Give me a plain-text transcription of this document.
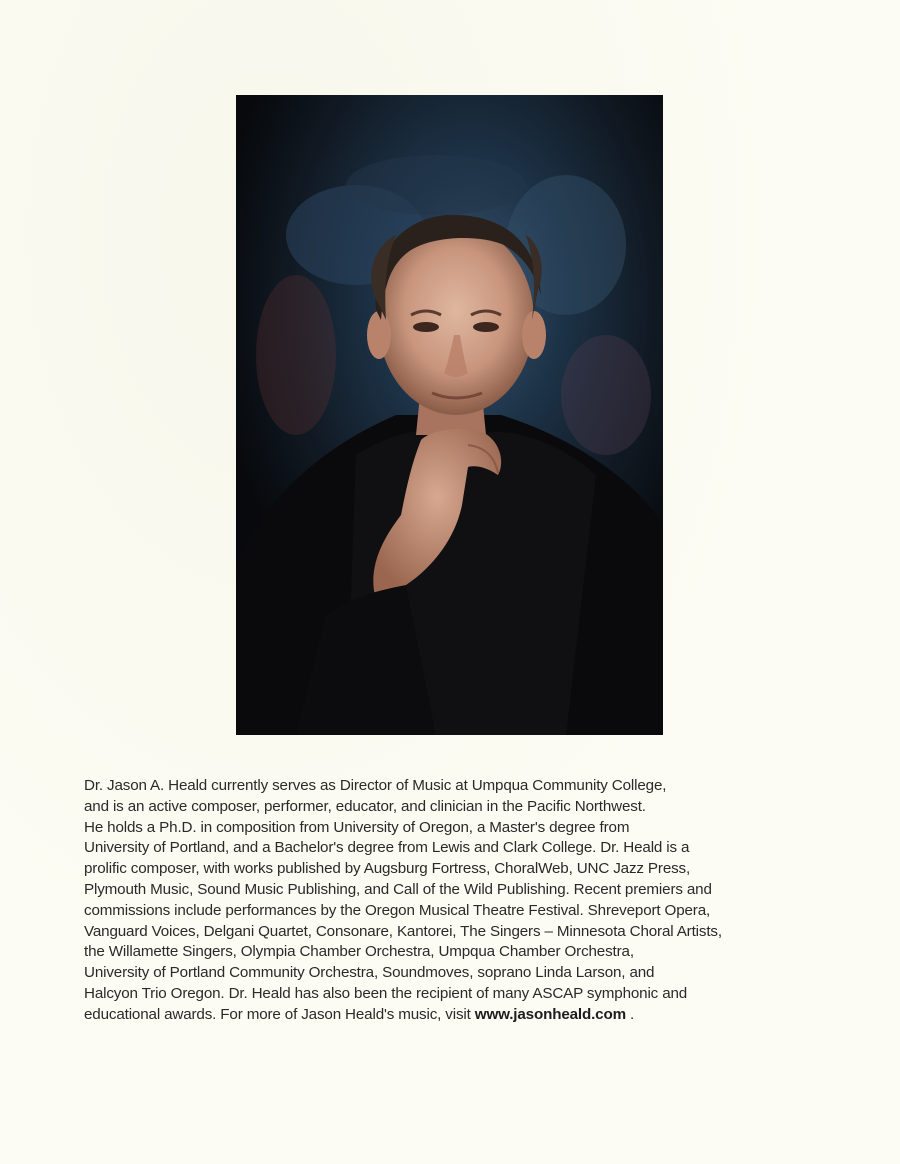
Dr. Jason A. Heald currently serves as Director of Music at Umpqua Community College,
and is an active composer, performer, educator, and clinician in the Pacific Northwest.
He holds a Ph.D. in composition from University of Oregon, a Master's degree from
University of Portland, and a Bachelor's degree from Lewis and Clark College. Dr. Heald is a
prolific composer, with works published by Augsburg Fortress, ChoralWeb, UNC Jazz Press,
Plymouth Music, Sound Music Publishing, and Call of the Wild Publishing. Recent premiers and
commissions include performances by the Oregon Musical Theatre Festival. Shreveport Opera,
Vanguard Voices, Delgani Quartet, Consonare, Kantorei, The Singers – Minnesota Choral Artists,
the Willamette Singers, Olympia Chamber Orchestra, Umpqua Chamber Orchestra,
University of Portland Community Orchestra, Soundmoves, soprano Linda Larson, and
Halcyon Trio Oregon. Dr. Heald has also been the recipient of many ASCAP symphonic and
educational awards. For more of Jason Heald's music, visit www.jasonheald.com .
